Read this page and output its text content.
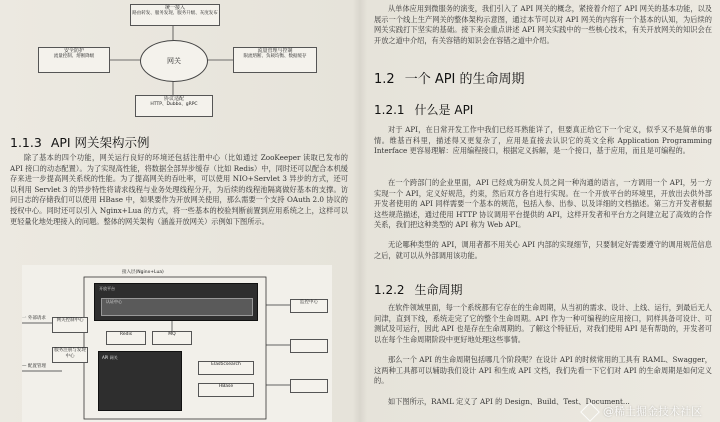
统一接入
路由转发、服务发现、服务升级、灰度发布
安全防护
流量控制、熔断降级
网关
流量管理与控制
限流熔断、负载均衡、数据缓存
协议适配
HTTP、Dubbo、gRPC
1.1.3 API 网关架构示例
除了基本的四个功能，网关运行良好的环境还包括注册中心（比如通过 ZooKeeper 读取已发布的 API 接口的动态配置）。为了实现高性能，将数据全部异步缓存（比如 Redis）中，同时还可以配合本机缓存来进一步提高网关系统的性能。为了提高网关的吞吐率，可以使用 NIO+Servlet 3 异步的方式，还可以利用 Servlet 3 的异步特性将请求线程与业务处理线程分开，为后续的线程池隔离做好基本的支撑。访问日志的存储我们可以使用 HBase 中，如果要作为开放网关使用，那么需要一个支持 OAuth 2.0 协议的授权中心。同时还可以引入 Nginx+Lua 的方式，将一些基本的校验判断前置到应用系统之上，这样可以更轻量化地处理接入的问题。整体的网关架构（涵盖开放网关）示例如下图所示。
接入层(Nginx+Lua)
一 外部请求
— 配置管理
网关控制中心
服务注册与发现中心
开放平台
认证中心
Redis	MQ
API 网关
Elasticsearch
HBase
监控中心
从单体应用到微服务的演变，我们引入了 API 网关的概念，紧接着介绍了 API 网关的基本功能，以及展示一个线上生产网关的整体架构示意图，通过本节可以对 API 网关的内容有一个基本的认知，为后续的网关实践打下坚实的基础。接下来会重点讲述 API 网关实践中的一些核心技术，有关开放网关的知识会在开放之道中介绍，有关容错的知识会在容错之道中介绍。
1.2 一个 API 的生命周期
1.2.1 什么是 API
对于 API，在日常开发工作中我们已经耳熟能详了，但要真正给它下一个定义，似乎又不是简单的事情。维基百科里，描述得又更复杂了，应用是直接去认识它的英文全称 Application Programming Interface 更容易理解：应用编程接口，根据定义拆解，是一个接口，基于应用，而且是可编程的。
在一个跨部门的企业里面，API 已经成为研发人员之间一种沟通的语言，一方调用一个 API，另一方实现一个 API，定义好规范，约束，然后双方各自进行实现。在一个开放平台的环境里，开放出去供外部开发者使用的 API 同样需要一个基本的规范，包括入参、出参、以及详细的文档描述。第三方开发者根据这些规范描述，通过使用 HTTP 协议调用平台提供的 API，这样开发者和平台方之间建立起了高效的合作关系，我们把这种类型的 API 称为 Web API。
无论哪种类型的 API，调用者都不用关心 API 内部的实现细节，只要制定好需要遵守的调用规范信息之后，就可以从外部调用该功能。
1.2.2 生命周期
在软件领域里面，每一个系统都有它存在的生命周期，从当初的需求、设计、上线、运行，到最后无人问津，直到下线，系统走完了它的整个生命周期。API 作为一种可编程的应用接口，同样具备可设计、可测试及可运行，因此 API 也是存在生命周期的。了解这个特征后，对我们使用 API 是有帮助的，开发者可以在每个生命周期阶段中更好地处理这些事情。
那么一个 API 的生命周期包括哪几个阶段呢？在设计 API 的时候常用的工具有 RAML、Swagger，这两种工具都可以辅助我们设计 API 和生成 API 文档，我们先看一下它们对 API 的生命周期是如何定义的。
如下图所示，RAML 定义了 API 的 Design、Build、Test、Document...
@稀土掘金技术社区
